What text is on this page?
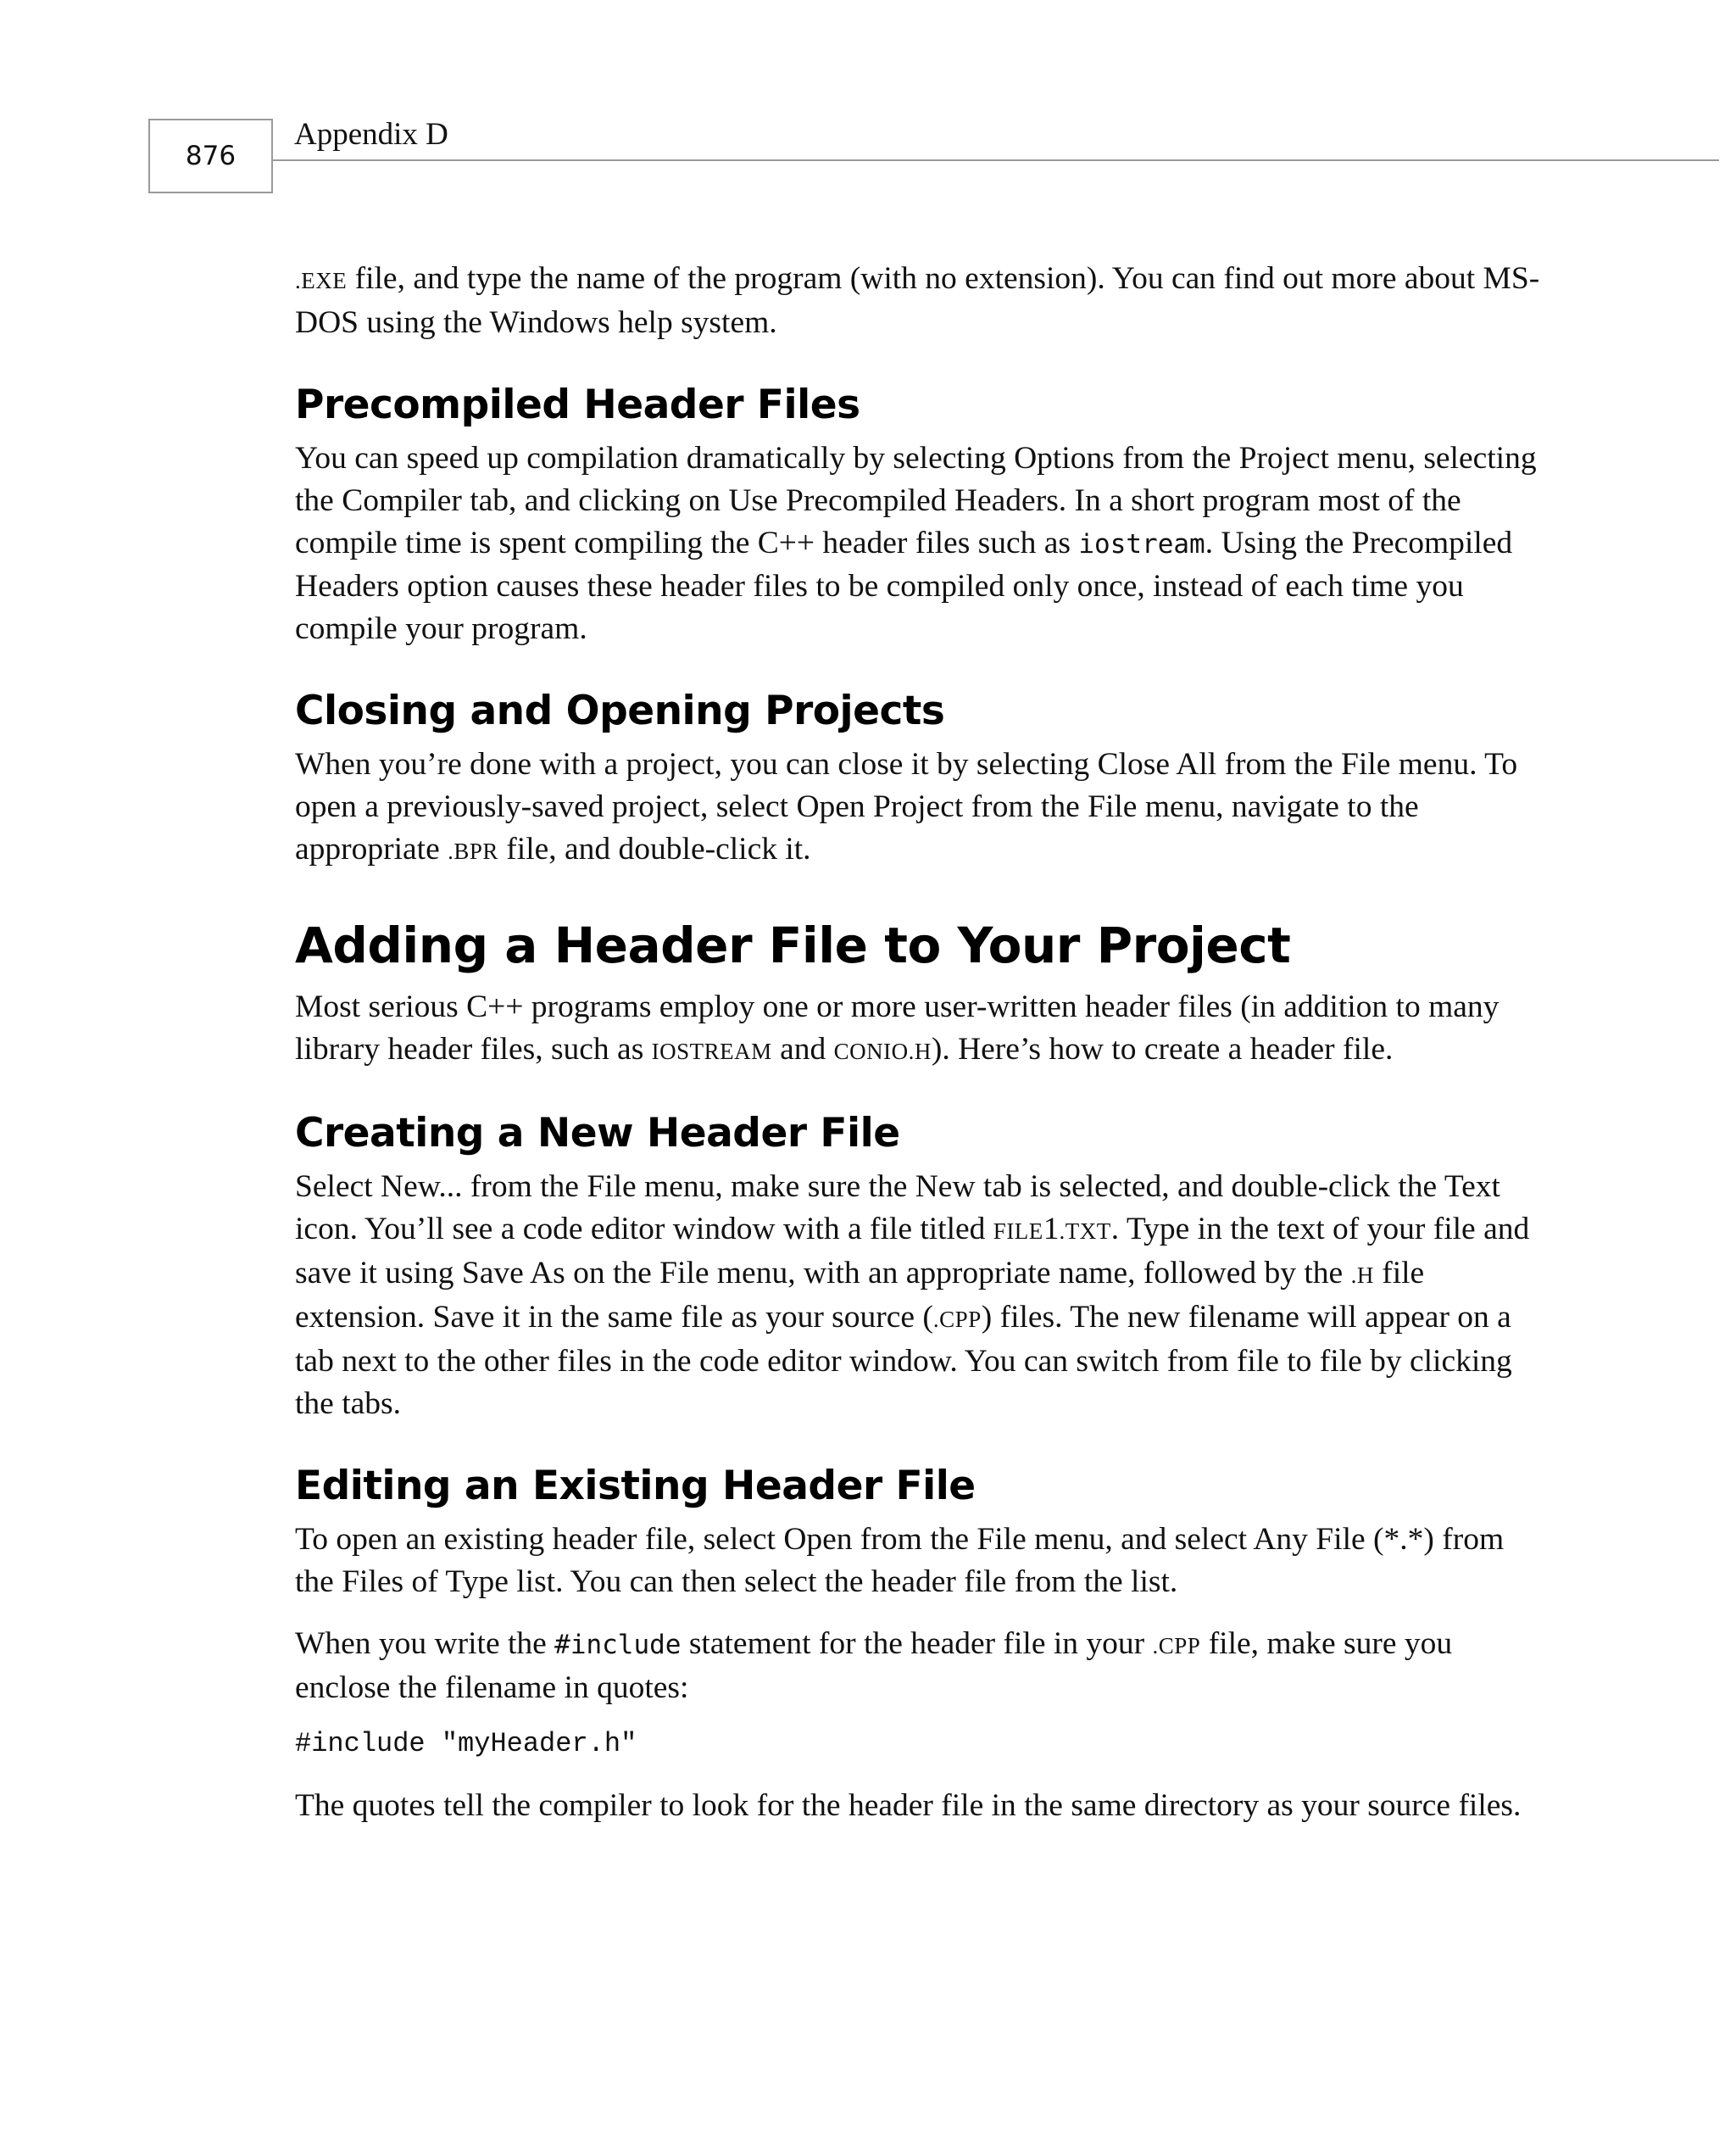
876
Appendix D

.EXE file, and type the name of the program (with no extension). You can find out more about MS-DOS using the Windows help system.

Precompiled Header Files

You can speed up compilation dramatically by selecting Options from the Project menu, selecting the Compiler tab, and clicking on Use Precompiled Headers. In a short program most of the compile time is spent compiling the C++ header files such as iostream. Using the Precompiled Headers option causes these header files to be compiled only once, instead of each time you compile your program.

Closing and Opening Projects

When you’re done with a project, you can close it by selecting Close All from the File menu. To open a previously-saved project, select Open Project from the File menu, navigate to the appropriate .BPR file, and double-click it.

Adding a Header File to Your Project

Most serious C++ programs employ one or more user-written header files (in addition to many library header files, such as IOSTREAM and CONIO.H). Here’s how to create a header file.

Creating a New Header File

Select New... from the File menu, make sure the New tab is selected, and double-click the Text icon. You’ll see a code editor window with a file titled FILE1.TXT. Type in the text of your file and save it using Save As on the File menu, with an appropriate name, followed by the .H file extension. Save it in the same file as your source (.CPP) files. The new filename will appear on a tab next to the other files in the code editor window. You can switch from file to file by clicking the tabs.

Editing an Existing Header File

To open an existing header file, select Open from the File menu, and select Any File (*.*) from the Files of Type list. You can then select the header file from the list.

When you write the #include statement for the header file in your .CPP file, make sure you enclose the filename in quotes:

#include "myHeader.h"

The quotes tell the compiler to look for the header file in the same directory as your source files.
